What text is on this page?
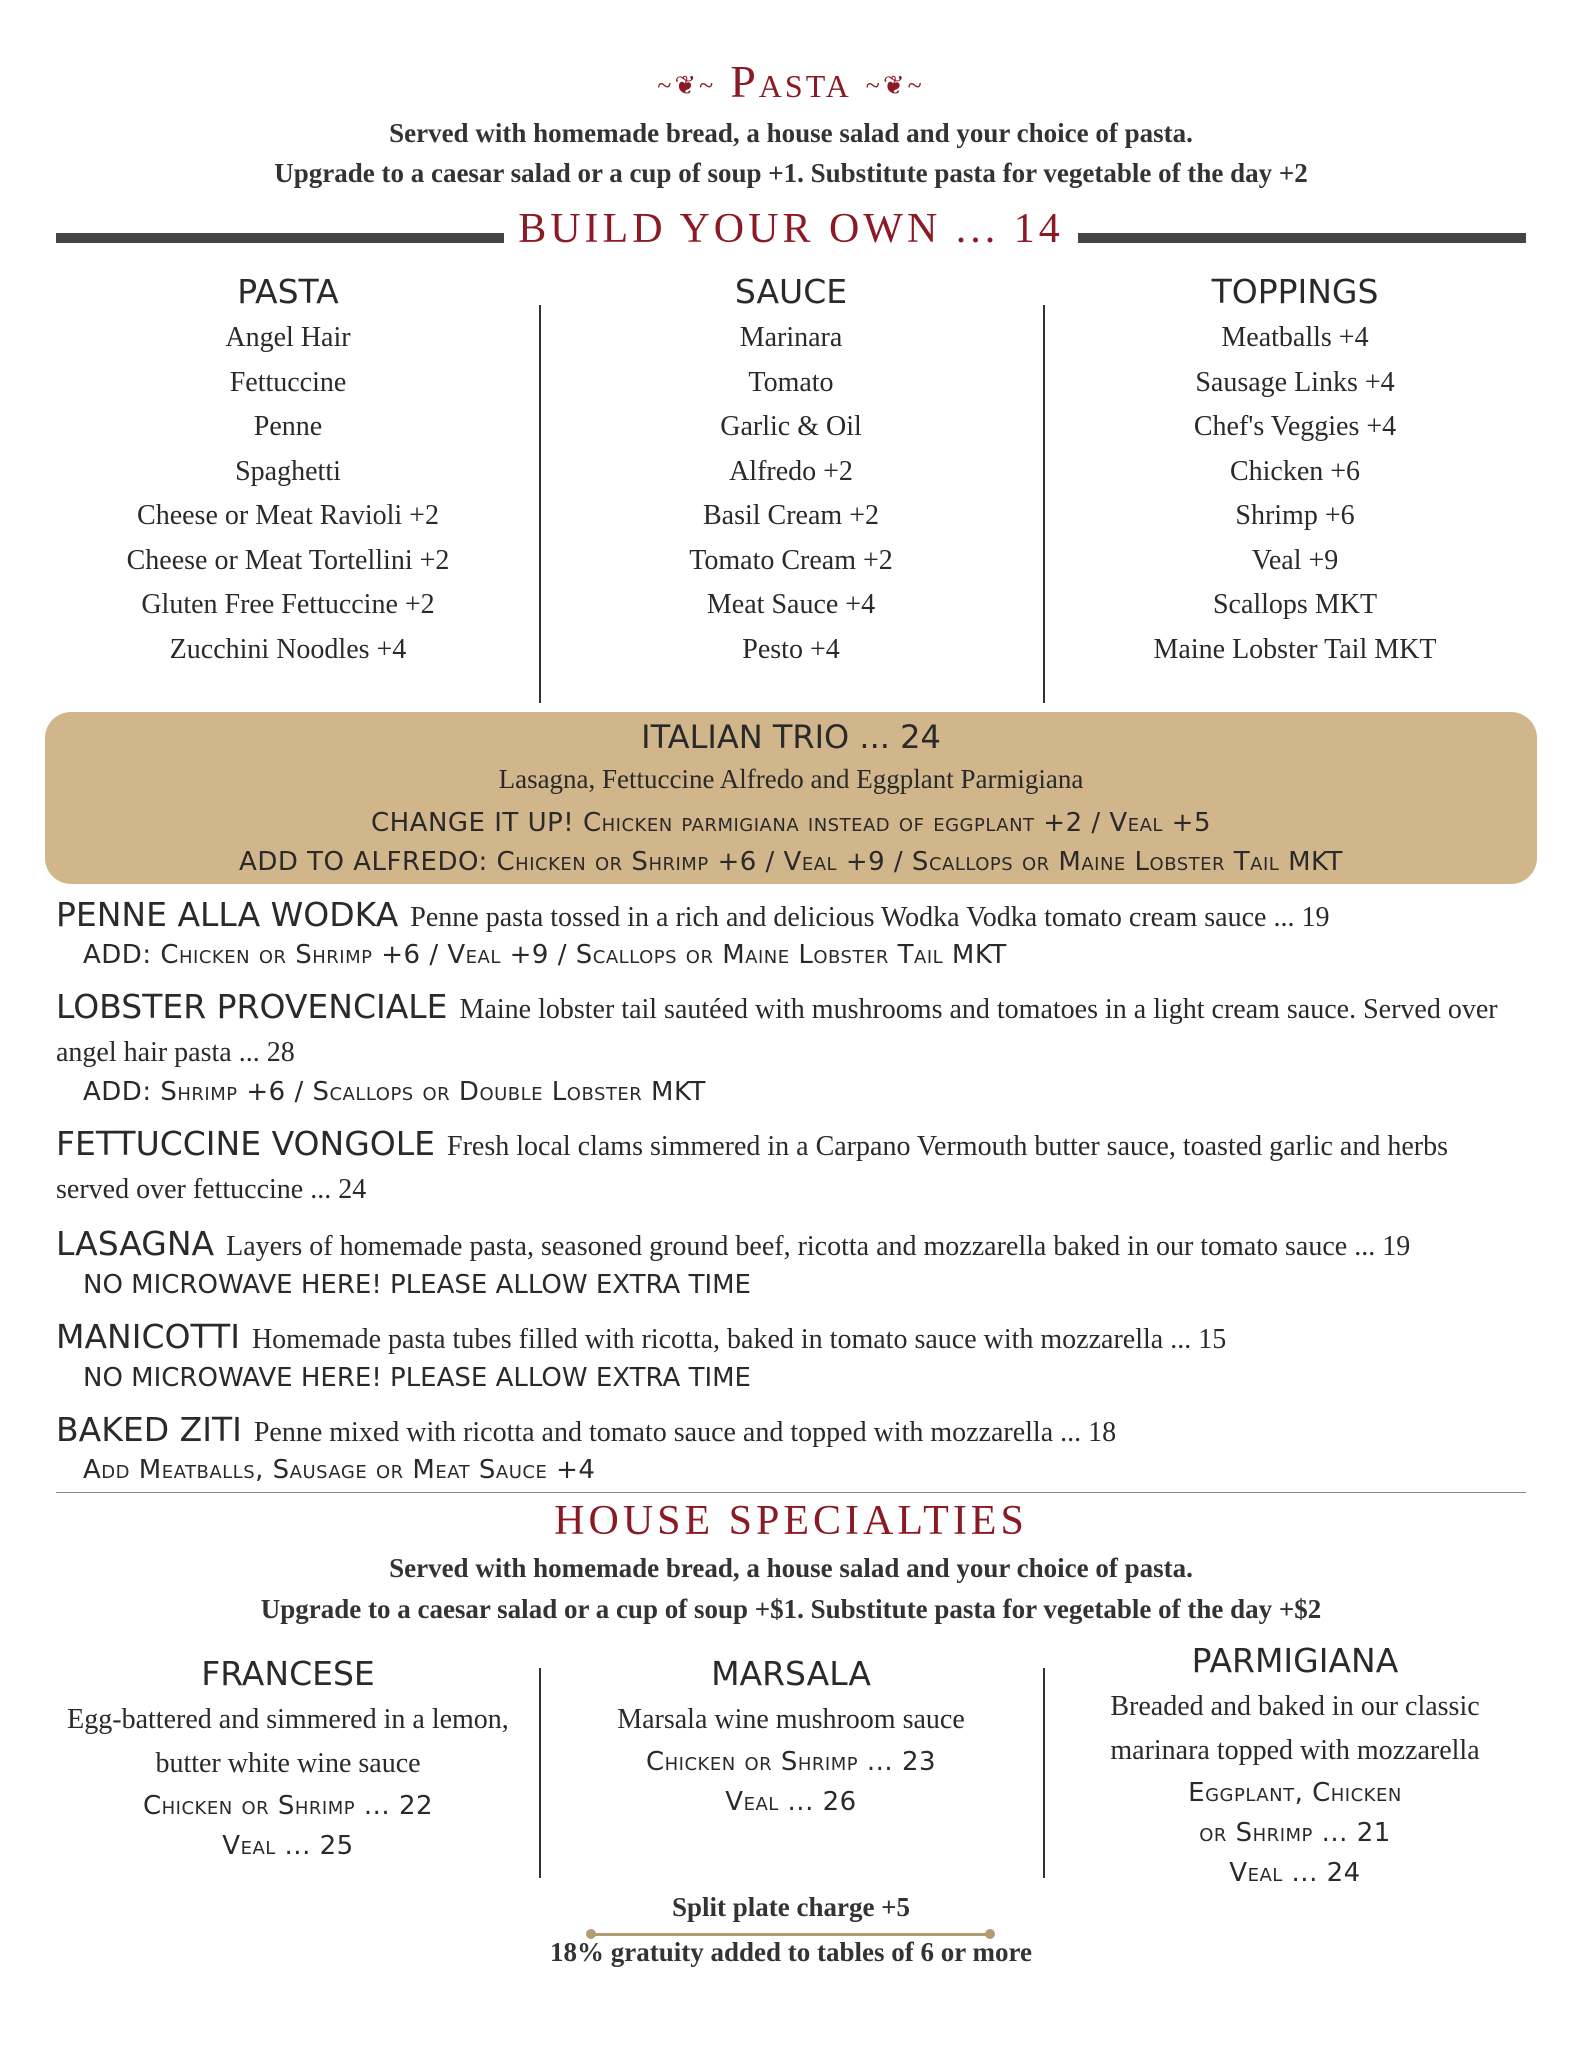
~❦~ Pasta ~❦~
Served with homemade bread, a house salad and your choice of pasta.
Upgrade to a caesar salad or a cup of soup +1. Substitute pasta for vegetable of the day +2
BUILD YOUR OWN ... 14
PASTA
Angel Hair
Fettuccine
Penne
Spaghetti
Cheese or Meat Ravioli +2
Cheese or Meat Tortellini +2
Gluten Free Fettuccine +2
Zucchini Noodles +4
SAUCE
Marinara
Tomato
Garlic & Oil
Alfredo +2
Basil Cream +2
Tomato Cream +2
Meat Sauce +4
Pesto +4
TOPPINGS
Meatballs +4
Sausage Links +4
Chef's Veggies +4
Chicken +6
Shrimp +6
Veal +9
Scallops MKT
Maine Lobster Tail MKT
ITALIAN TRIO ... 24
Lasagna, Fettuccine Alfredo and Eggplant Parmigiana
CHANGE IT UP! Chicken parmigiana instead of eggplant +2 / Veal +5
ADD TO ALFREDO: Chicken or Shrimp +6 / Veal +9 / Scallops or Maine Lobster Tail MKT
PENNE ALLA WODKA Penne pasta tossed in a rich and delicious Wodka Vodka tomato cream sauce ... 19
ADD: Chicken or Shrimp +6 / Veal +9 / Scallops or Maine Lobster Tail MKT
LOBSTER PROVENCIALE Maine lobster tail sautéed with mushrooms and tomatoes in a light cream sauce. Served over angel hair pasta ... 28
ADD: Shrimp +6 / Scallops or Double Lobster MKT
FETTUCCINE VONGOLE Fresh local clams simmered in a Carpano Vermouth butter sauce, toasted garlic and herbs served over fettuccine ... 24
LASAGNA Layers of homemade pasta, seasoned ground beef, ricotta and mozzarella baked in our tomato sauce ... 19
NO MICROWAVE HERE! PLEASE ALLOW EXTRA TIME
MANICOTTI Homemade pasta tubes filled with ricotta, baked in tomato sauce with mozzarella ... 15
NO MICROWAVE HERE! PLEASE ALLOW EXTRA TIME
BAKED ZITI Penne mixed with ricotta and tomato sauce and topped with mozzarella ... 18
Add Meatballs, Sausage or Meat Sauce +4
HOUSE SPECIALTIES
Served with homemade bread, a house salad and your choice of pasta.
Upgrade to a caesar salad or a cup of soup +$1. Substitute pasta for vegetable of the day +$2
FRANCESE
Egg-battered and simmered in a lemon,
butter white wine sauce
Chicken or Shrimp ... 22
Veal ... 25
MARSALA
Marsala wine mushroom sauce
Chicken or Shrimp ... 23
Veal ... 26
PARMIGIANA
Breaded and baked in our classic
marinara topped with mozzarella
Eggplant, Chicken
or Shrimp ... 21
Veal ... 24
Split plate charge +5
18% gratuity added to tables of 6 or more
